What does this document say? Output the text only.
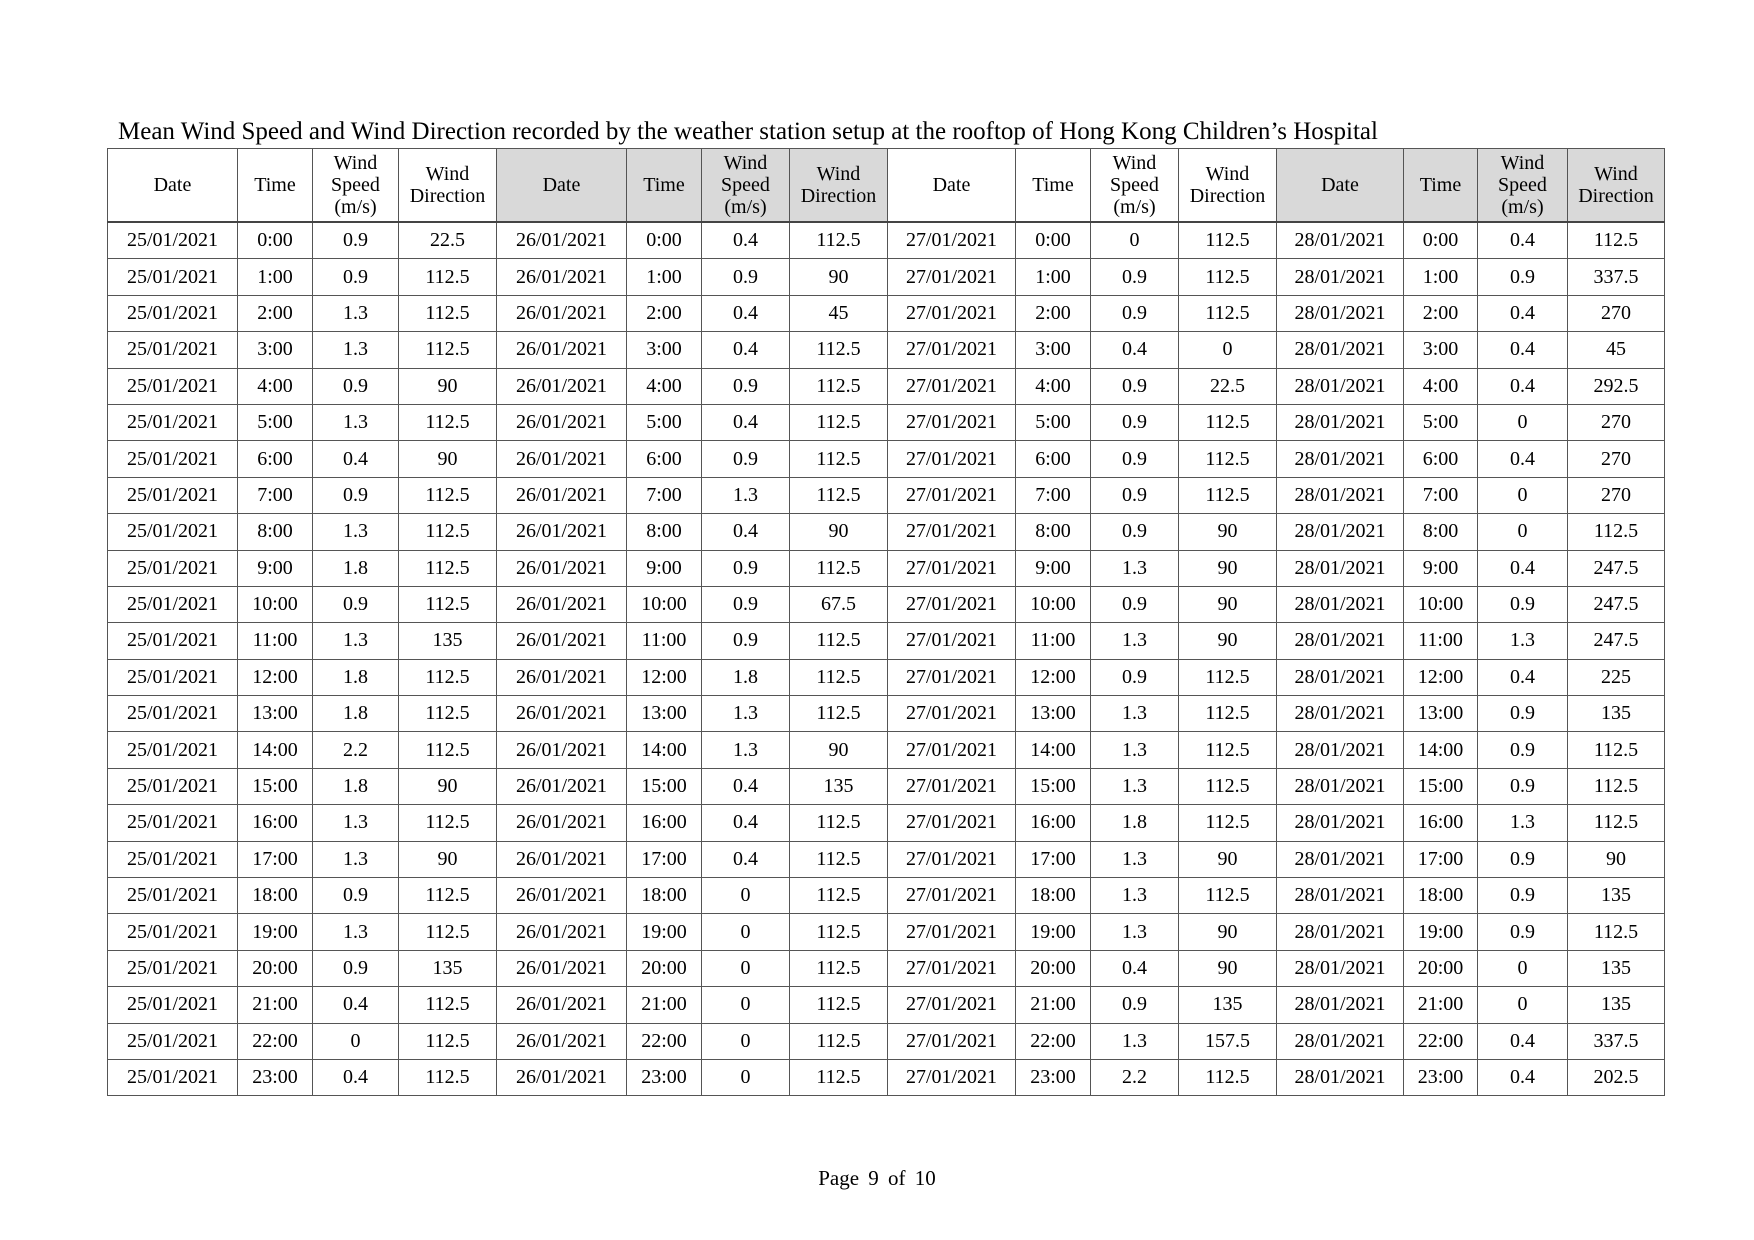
Mean Wind Speed and Wind Direction recorded by the weather station setup at the rooftop of Hong Kong Children’s Hospital
Date	Time	Wind Speed (m/s)	Wind Direction	Date	Time	Wind Speed (m/s)	Wind Direction	Date	Time	Wind Speed (m/s)	Wind Direction	Date	Time	Wind Speed (m/s)	Wind Direction
25/01/2021	0:00	0.9	22.5	26/01/2021	0:00	0.4	112.5	27/01/2021	0:00	0	112.5	28/01/2021	0:00	0.4	112.5
25/01/2021	1:00	0.9	112.5	26/01/2021	1:00	0.9	90	27/01/2021	1:00	0.9	112.5	28/01/2021	1:00	0.9	337.5
25/01/2021	2:00	1.3	112.5	26/01/2021	2:00	0.4	45	27/01/2021	2:00	0.9	112.5	28/01/2021	2:00	0.4	270
25/01/2021	3:00	1.3	112.5	26/01/2021	3:00	0.4	112.5	27/01/2021	3:00	0.4	0	28/01/2021	3:00	0.4	45
25/01/2021	4:00	0.9	90	26/01/2021	4:00	0.9	112.5	27/01/2021	4:00	0.9	22.5	28/01/2021	4:00	0.4	292.5
25/01/2021	5:00	1.3	112.5	26/01/2021	5:00	0.4	112.5	27/01/2021	5:00	0.9	112.5	28/01/2021	5:00	0	270
25/01/2021	6:00	0.4	90	26/01/2021	6:00	0.9	112.5	27/01/2021	6:00	0.9	112.5	28/01/2021	6:00	0.4	270
25/01/2021	7:00	0.9	112.5	26/01/2021	7:00	1.3	112.5	27/01/2021	7:00	0.9	112.5	28/01/2021	7:00	0	270
25/01/2021	8:00	1.3	112.5	26/01/2021	8:00	0.4	90	27/01/2021	8:00	0.9	90	28/01/2021	8:00	0	112.5
25/01/2021	9:00	1.8	112.5	26/01/2021	9:00	0.9	112.5	27/01/2021	9:00	1.3	90	28/01/2021	9:00	0.4	247.5
25/01/2021	10:00	0.9	112.5	26/01/2021	10:00	0.9	67.5	27/01/2021	10:00	0.9	90	28/01/2021	10:00	0.9	247.5
25/01/2021	11:00	1.3	135	26/01/2021	11:00	0.9	112.5	27/01/2021	11:00	1.3	90	28/01/2021	11:00	1.3	247.5
25/01/2021	12:00	1.8	112.5	26/01/2021	12:00	1.8	112.5	27/01/2021	12:00	0.9	112.5	28/01/2021	12:00	0.4	225
25/01/2021	13:00	1.8	112.5	26/01/2021	13:00	1.3	112.5	27/01/2021	13:00	1.3	112.5	28/01/2021	13:00	0.9	135
25/01/2021	14:00	2.2	112.5	26/01/2021	14:00	1.3	90	27/01/2021	14:00	1.3	112.5	28/01/2021	14:00	0.9	112.5
25/01/2021	15:00	1.8	90	26/01/2021	15:00	0.4	135	27/01/2021	15:00	1.3	112.5	28/01/2021	15:00	0.9	112.5
25/01/2021	16:00	1.3	112.5	26/01/2021	16:00	0.4	112.5	27/01/2021	16:00	1.8	112.5	28/01/2021	16:00	1.3	112.5
25/01/2021	17:00	1.3	90	26/01/2021	17:00	0.4	112.5	27/01/2021	17:00	1.3	90	28/01/2021	17:00	0.9	90
25/01/2021	18:00	0.9	112.5	26/01/2021	18:00	0	112.5	27/01/2021	18:00	1.3	112.5	28/01/2021	18:00	0.9	135
25/01/2021	19:00	1.3	112.5	26/01/2021	19:00	0	112.5	27/01/2021	19:00	1.3	90	28/01/2021	19:00	0.9	112.5
25/01/2021	20:00	0.9	135	26/01/2021	20:00	0	112.5	27/01/2021	20:00	0.4	90	28/01/2021	20:00	0	135
25/01/2021	21:00	0.4	112.5	26/01/2021	21:00	0	112.5	27/01/2021	21:00	0.9	135	28/01/2021	21:00	0	135
25/01/2021	22:00	0	112.5	26/01/2021	22:00	0	112.5	27/01/2021	22:00	1.3	157.5	28/01/2021	22:00	0.4	337.5
25/01/2021	23:00	0.4	112.5	26/01/2021	23:00	0	112.5	27/01/2021	23:00	2.2	112.5	28/01/2021	23:00	0.4	202.5
Page 9 of 10
